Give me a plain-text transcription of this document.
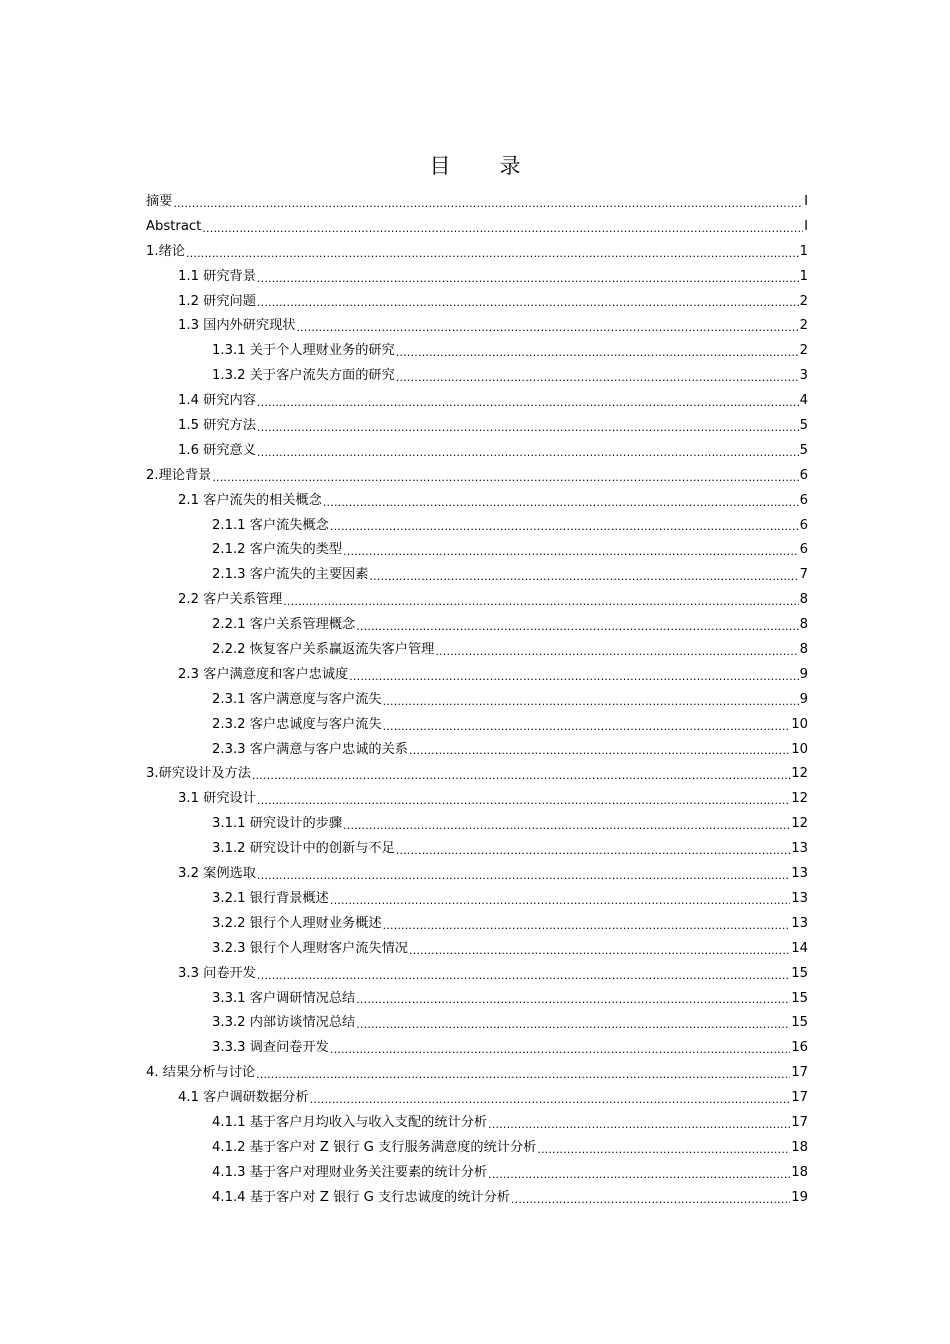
目　录
摘要 .....	I
Abstract .....	I
1.绪论 .....	1
1.1 研究背景 .....	1
1.2 研究问题 .....	2
1.3 国内外研究现状 .....	2
1.3.1 关于个人理财业务的研究 .....	2
1.3.2 关于客户流失方面的研究 .....	3
1.4 研究内容 .....	4
1.5 研究方法 .....	5
1.6 研究意义 .....	5
2.理论背景 .....	6
2.1 客户流失的相关概念 .....	6
2.1.1 客户流失概念 .....	6
2.1.2 客户流失的类型 .....	6
2.1.3 客户流失的主要因素 .....	7
2.2 客户关系管理 .....	8
2.2.1 客户关系管理概念 .....	8
2.2.2 恢复客户关系赢返流失客户管理 .....	8
2.3 客户满意度和客户忠诚度 .....	9
2.3.1 客户满意度与客户流失 .....	9
2.3.2 客户忠诚度与客户流失 .....	10
2.3.3 客户满意与客户忠诚的关系 .....	10
3.研究设计及方法 .....	12
3.1 研究设计 .....	12
3.1.1 研究设计的步骤 .....	12
3.1.2 研究设计中的创新与不足 .....	13
3.2 案例选取 .....	13
3.2.1 银行背景概述 .....	13
3.2.2 银行个人理财业务概述 .....	13
3.2.3 银行个人理财客户流失情况 .....	14
3.3 问卷开发 .....	15
3.3.1 客户调研情况总结 .....	15
3.3.2 内部访谈情况总结 .....	15
3.3.3 调查问卷开发 .....	16
4. 结果分析与讨论 .....	17
4.1 客户调研数据分析 .....	17
4.1.1 基于客户月均收入与收入支配的统计分析 .....	17
4.1.2 基于客户对 Z 银行 G 支行服务满意度的统计分析 .....	18
4.1.3 基于客户对理财业务关注要素的统计分析 .....	18
4.1.4 基于客户对 Z 银行 G 支行忠诚度的统计分析 .....	19
